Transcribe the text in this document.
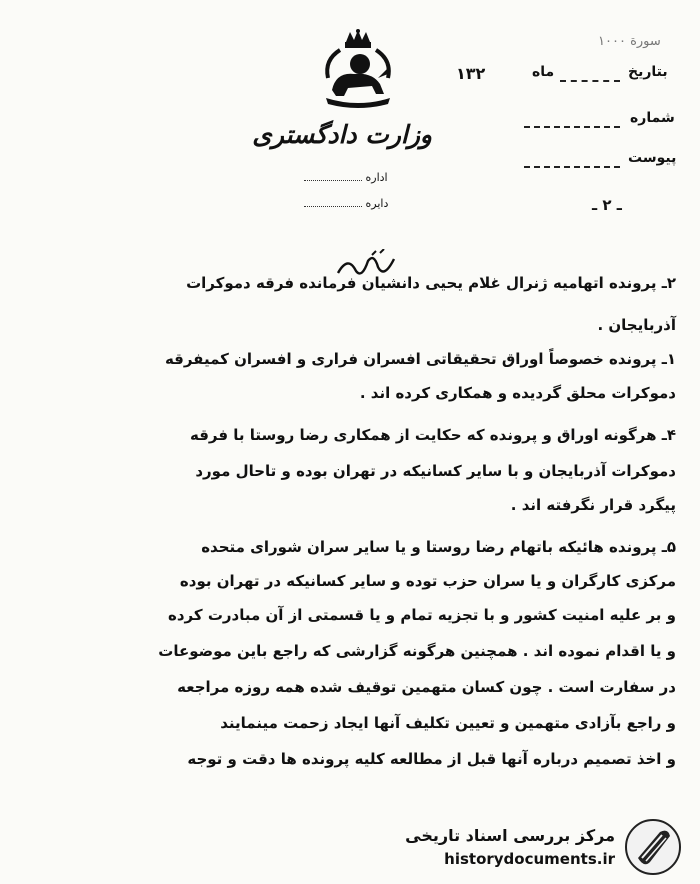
وزارت دادگستری
اداره
دایره
سورة ۱۰۰۰
بتاریخ
ماه
۱۳۲
شماره
پیوست
ـ ۲ ـ
۲ـ پرونده اتهامیه ژنرال غلام یحیی دانشیان فرمانده فرقه دموکرات
آذربایجان .
۱ـ پرونده خصوصاً اوراق تحقیقاتی افسران فراری و افسران کمیفرقه
دموکرات محلق گردیده و همکاری کرده اند .
۴ـ هرگونه اوراق و پرونده که حکایت از همکاری رضا روستا با فرقه
دموکرات آذربایجان و با سایر کسانیکه در تهران بوده و تاحال مورد
پیگرد قرار نگرفته اند .
۵ـ پرونده هائیکه باتهام رضا روستا و یا سایر سران شورای متحده
مرکزی کارگران و یا سران حزب توده و سایر کسانیکه در تهران بوده
و بر علیه امنیت کشور و با تجزیه تمام و یا قسمتی از آن مبادرت کرده
و یا اقدام نموده اند . همچنین هرگونه گزارشی که راجع باین موضوعات
در سفارت است . چون کسان متهمین توقیف شده همه روزه مراجعه
و راجع بآزادی متهمین و تعیین تکلیف آنها ایجاد زحمت مینمایند
و اخذ تصمیم درباره آنها قبل از مطالعه کلیه پرونده ها دقت و توجه
مرکز بررسی اسناد تاریخی
historydocuments.ir
